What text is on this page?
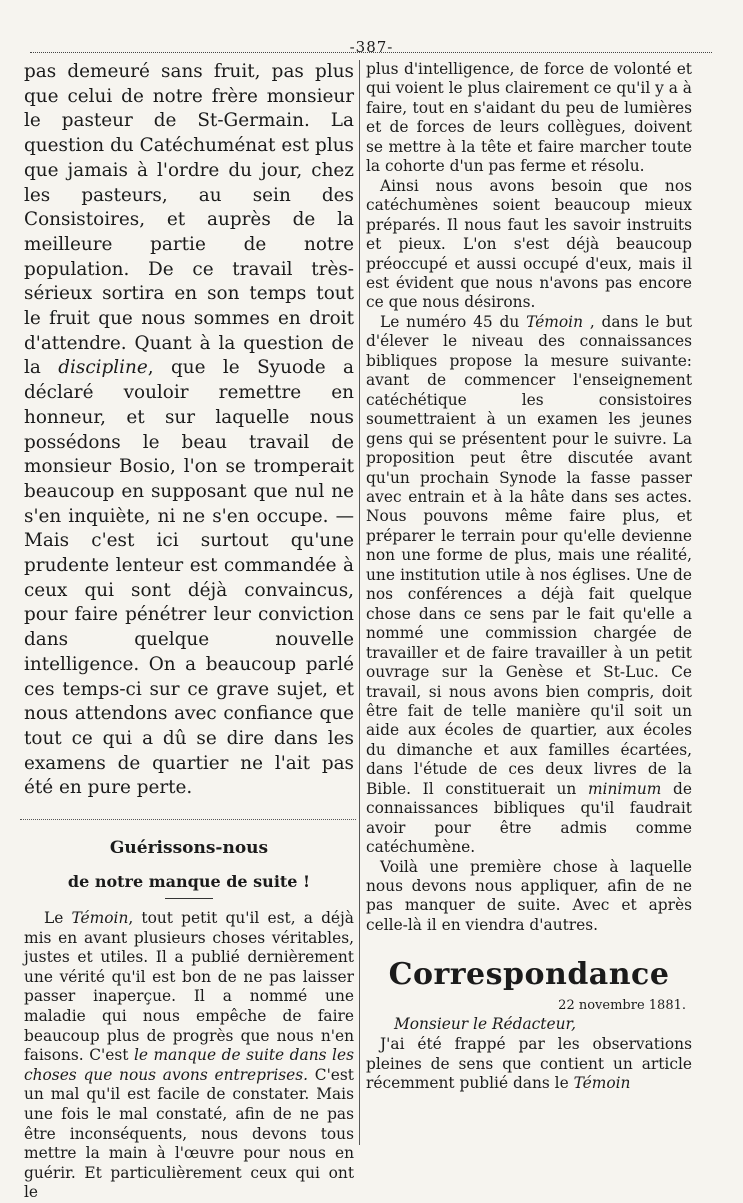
-387-

pas demeuré sans fruit, pas plus que celui de notre frère monsieur le pasteur de St-Germain. La question du Catéchuménat est plus que jamais à l'ordre du jour, chez les pasteurs, au sein des Consistoires, et auprès de la meilleure partie de notre population. De ce travail très-sérieux sortira en son temps tout le fruit que nous sommes en droit d'attendre. Quant à la question de la discipline, que le Syuode a déclaré vouloir remettre en honneur, et sur laquelle nous possédons le beau travail de monsieur Bosio, l'on se tromperait beaucoup en supposant que nul ne s'en inquiète, ni ne s'en occupe. — Mais c'est ici surtout qu'une prudente lenteur est commandée à ceux qui sont déjà convaincus, pour faire pénétrer leur conviction dans quelque nouvelle intelligence. On a beaucoup parlé ces temps-ci sur ce grave sujet, et nous attendons avec confiance que tout ce qui a dû se dire dans les examens de quartier ne l'ait pas été en pure perte.

Guérissons-nous
de notre manque de suite !

Le Témoin, tout petit qu'il est, a déjà mis en avant plusieurs choses véritables, justes et utiles. Il a publié dernièrement une vérité qu'il est bon de ne pas laisser passer inaperçue. Il a nommé une maladie qui nous empêche de faire beaucoup plus de progrès que nous n'en faisons. C'est le manque de suite dans les choses que nous avons entreprises. C'est un mal qu'il est facile de constater. Mais une fois le mal constaté, afin de ne pas être inconséquents, nous devons tous mettre la main à l'œuvre pour nous en guérir. Et particulièrement ceux qui ont le

plus d'intelligence, de force de volonté et qui voient le plus clairement ce qu'il y a à faire, tout en s'aidant du peu de lumières et de forces de leurs collègues, doivent se mettre à la tête et faire marcher toute la cohorte d'un pas ferme et résolu.

Ainsi nous avons besoin que nos catéchumènes soient beaucoup mieux préparés. Il nous faut les savoir instruits et pieux. L'on s'est déjà beaucoup préoccupé et aussi occupé d'eux, mais il est évident que nous n'avons pas encore ce que nous désirons.

Le numéro 45 du Témoin , dans le but d'élever le niveau des connaissances bibliques propose la mesure suivante: avant de commencer l'enseignement catéchétique les consistoires soumettraient à un examen les jeunes gens qui se présentent pour le suivre. La proposition peut être discutée avant qu'un prochain Synode la fasse passer avec entrain et à la hâte dans ses actes. Nous pouvons même faire plus, et préparer le terrain pour qu'elle devienne non une forme de plus, mais une réalité, une institution utile à nos églises. Une de nos conférences a déjà fait quelque chose dans ce sens par le fait qu'elle a nommé une commission chargée de travailler et de faire travailler à un petit ouvrage sur la Genèse et St-Luc. Ce travail, si nous avons bien compris, doit être fait de telle manière qu'il soit un aide aux écoles de quartier, aux écoles du dimanche et aux familles écartées, dans l'étude de ces deux livres de la Bible. Il constituerait un minimum de connaissances bibliques qu'il faudrait avoir pour être admis comme catéchumène.

Voilà une première chose à laquelle nous devons nous appliquer, afin de ne pas manquer de suite. Avec et après celle-là il en viendra d'autres.

Correspondance
22 novembre 1881.
Monsieur le Rédacteur,

J'ai été frappé par les observations pleines de sens que contient un article récemment publié dans le Témoin
